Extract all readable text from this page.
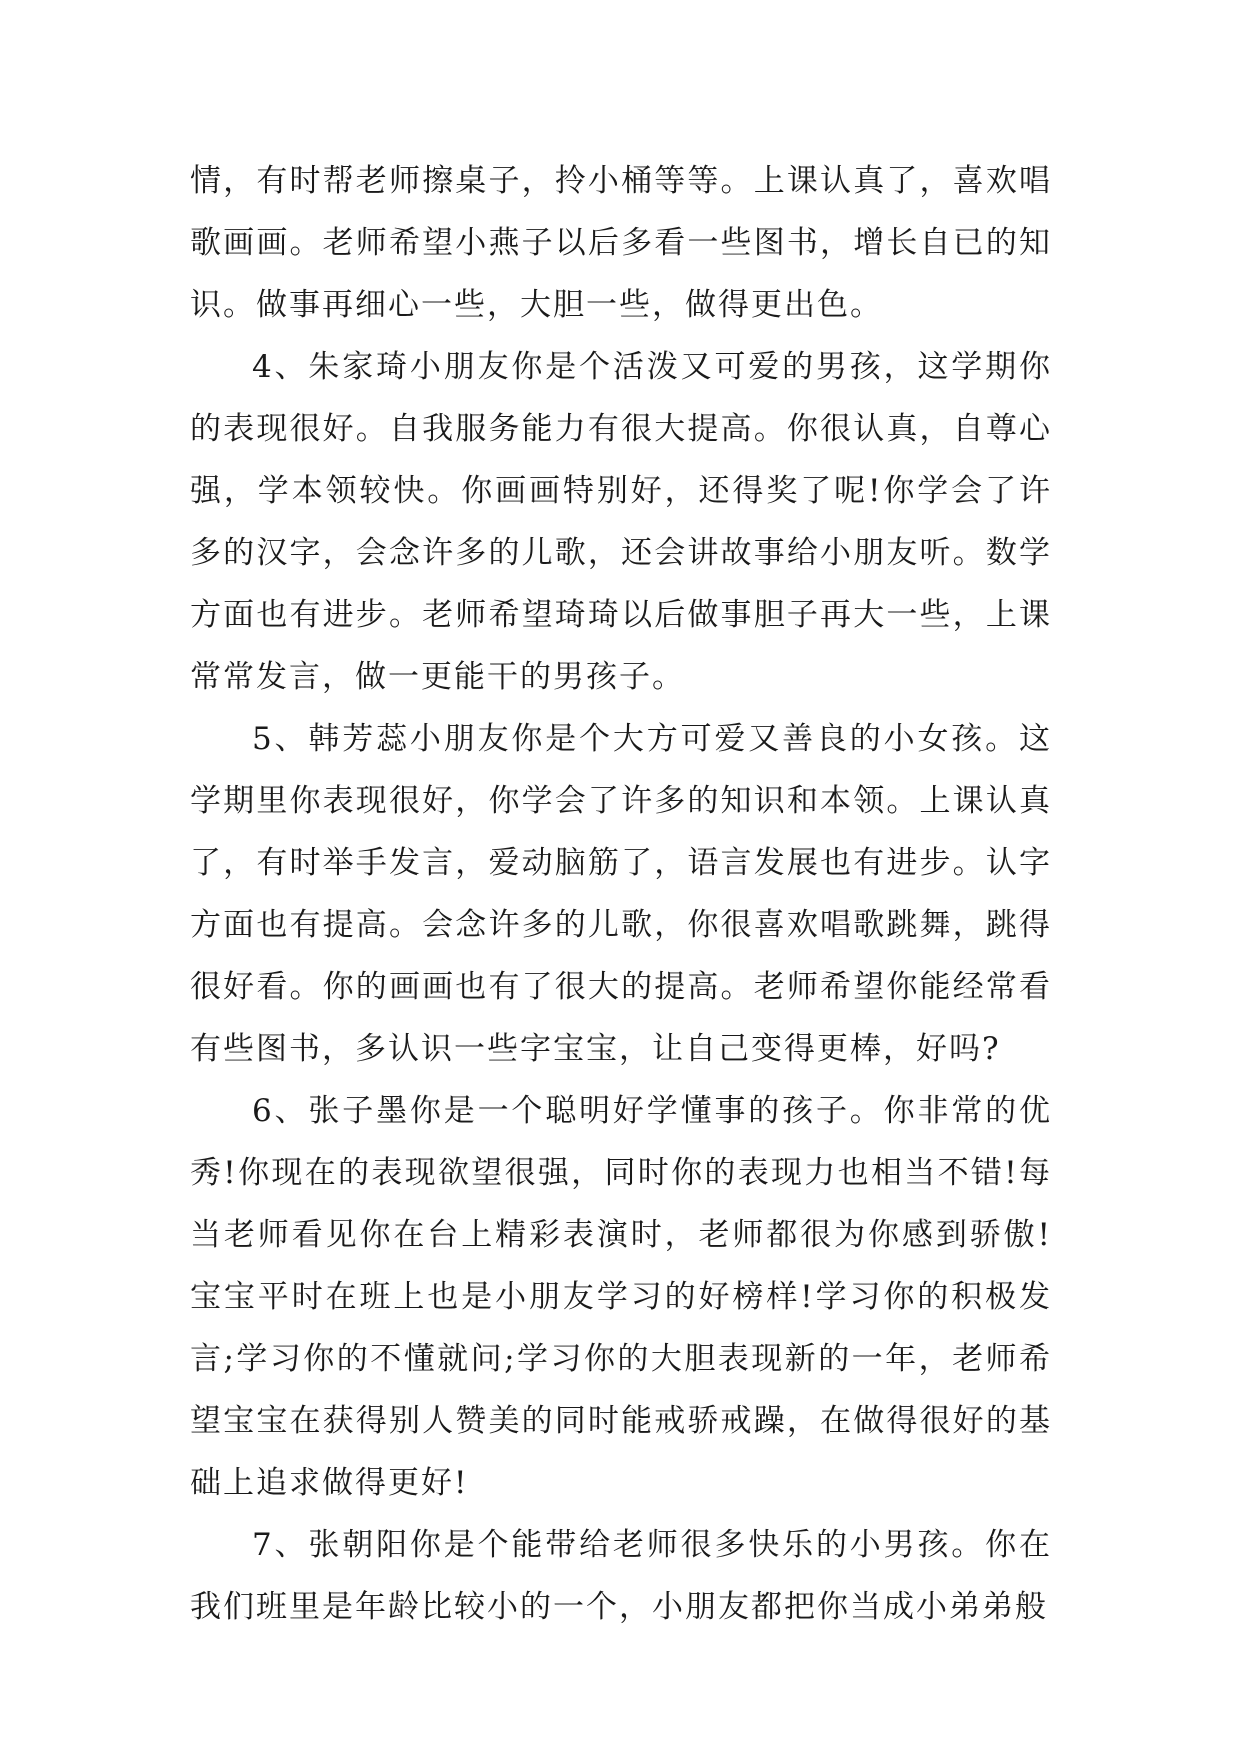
情，有时帮老师擦桌子，拎小桶等等。上课认真了，喜欢唱歌画画。老师希望小燕子以后多看一些图书，增长自已的知识。做事再细心一些，大胆一些，做得更出色。

4、朱家琦小朋友你是个活泼又可爱的男孩，这学期你的表现很好。自我服务能力有很大提高。你很认真，自尊心强，学本领较快。你画画特别好，还得奖了呢!你学会了许多的汉字，会念许多的儿歌，还会讲故事给小朋友听。数学方面也有进步。老师希望琦琦以后做事胆子再大一些，上课常常发言，做一更能干的男孩子。

5、韩芳蕊小朋友你是个大方可爱又善良的小女孩。这学期里你表现很好，你学会了许多的知识和本领。上课认真了，有时举手发言，爱动脑筋了，语言发展也有进步。认字方面也有提高。会念许多的儿歌，你很喜欢唱歌跳舞，跳得很好看。你的画画也有了很大的提高。老师希望你能经常看有些图书，多认识一些字宝宝，让自己变得更棒，好吗?

6、张子墨你是一个聪明好学懂事的孩子。你非常的优秀!你现在的表现欲望很强，同时你的表现力也相当不错!每当老师看见你在台上精彩表演时，老师都很为你感到骄傲!宝宝平时在班上也是小朋友学习的好榜样!学习你的积极发言;学习你的不懂就问;学习你的大胆表现新的一年，老师希望宝宝在获得别人赞美的同时能戒骄戒躁，在做得很好的基础上追求做得更好!

7、张朝阳你是个能带给老师很多快乐的小男孩。你在我们班里是年龄比较小的一个，小朋友都把你当成小弟弟般
